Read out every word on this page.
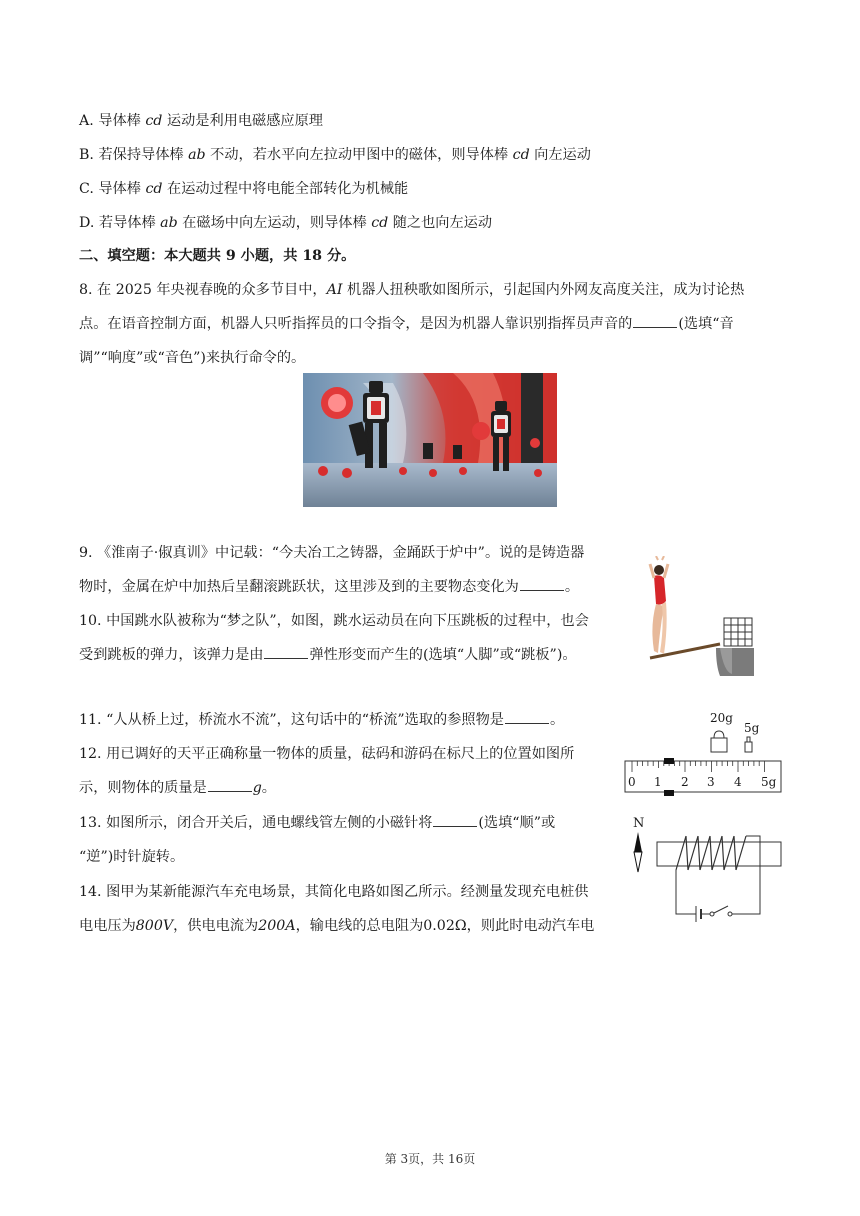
A. 导体棒 cd 运动是利用电磁感应原理
B. 若保持导体棒 ab 不动，若水平向左拉动甲图中的磁体，则导体棒 cd 向左运动
C. 导体棒 cd 在运动过程中将电能全部转化为机械能
D. 若导体棒 ab 在磁场中向左运动，则导体棒 cd 随之也向左运动
二、填空题：本大题共 9 小题，共 18 分。
8. 在 2025 年央视春晚的众多节目中，AI 机器人扭秧歌如图所示，引起国内外网友高度关注，成为讨论热
点。在语音控制方面，机器人只听指挥员的口令指令，是因为机器人靠识别指挥员声音的	(选填“音
调”“响度”或“音色”)来执行命令的。
9. 《淮南子·俶真训》中记载：“今夫冶工之铸器，金踊跃于炉中”。说的是铸造器
物时，金属在炉中加热后呈翻滚跳跃状，这里涉及到的主要物态变化为	。
10. 中国跳水队被称为“梦之队”，如图，跳水运动员在向下压跳板的过程中，也会
受到跳板的弹力，该弹力是由	弹性形变而产生的(选填“人脚”或“跳板”)。
11. “人从桥上过，桥流水不流”，这句话中的“桥流”选取的参照物是	。
12. 用已调好的天平正确称量一物体的质量，砝码和游码在标尺上的位置如图所
示，则物体的质量是	g。
20g
5g
0 1 2 3 4 5g
13. 如图所示，闭合开关后，通电螺线管左侧的小磁针将	(选填“顺”或
“逆”)时针旋转。
N
14. 图甲为某新能源汽车充电场景，其简化电路如图乙所示。经测量发现充电桩供
电电压为800V，供电电流为200A，输电线的总电阻为0.02Ω，则此时电动汽车电
第 3页，共 16页
